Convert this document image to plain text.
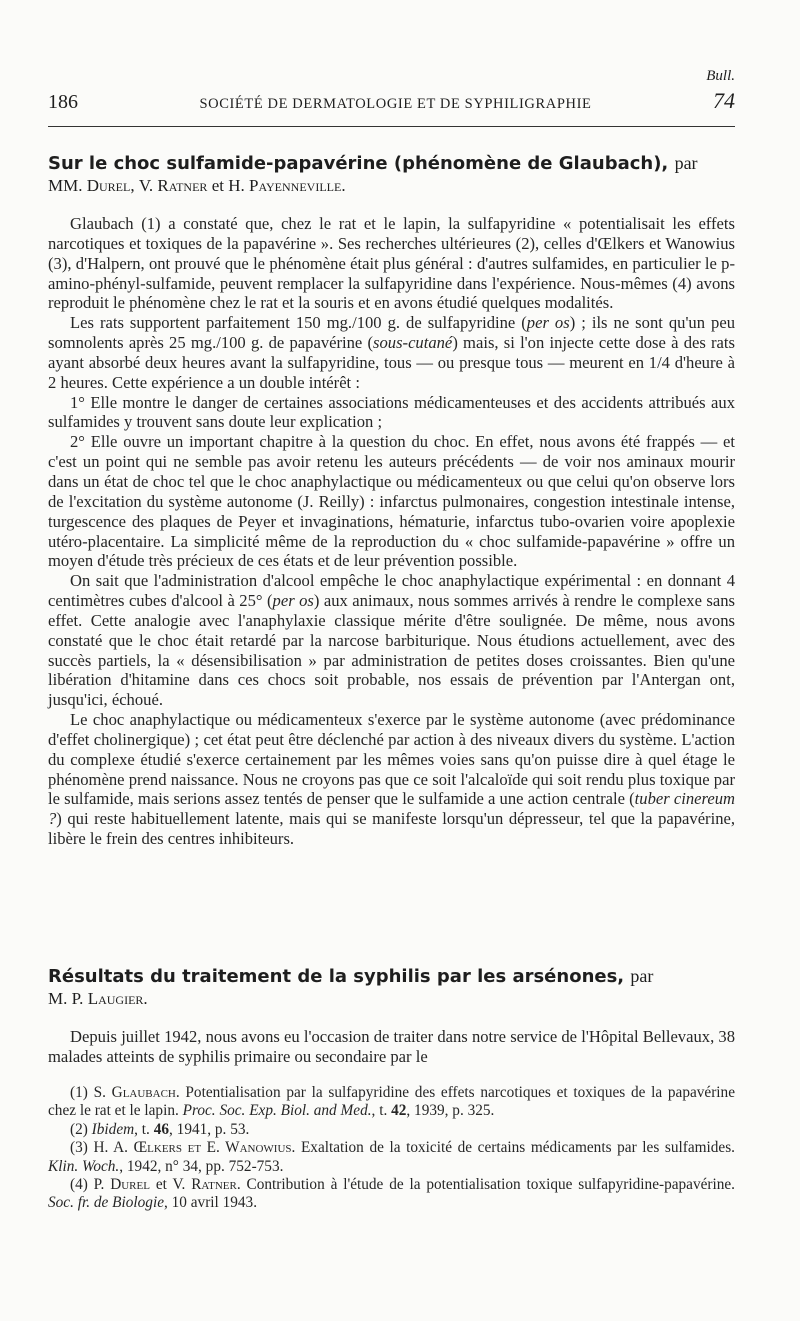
Bull.
186	SOCIÉTÉ DE DERMATOLOGIE ET DE SYPHILIGRAPHIE	74

Sur le choc sulfamide-papavérine (phénomène de Glaubach), par

MM. Durel, V. Ratner et H. Payenneville.

Glaubach (1) a constaté que, chez le rat et le lapin, la sulfapyridine « potentialisait les effets narcotiques et toxiques de la papavérine ». Ses recherches ultérieures (2), celles d'Œlkers et Wanowius (3), d'Halpern, ont prouvé que le phénomène était plus général : d'autres sulfamides, en particulier le p-amino-phényl-sulfamide, peuvent remplacer la sulfapyridine dans l'expérience. Nous-mêmes (4) avons reproduit le phénomène chez le rat et la souris et en avons étudié quelques modalités.

Les rats supportent parfaitement 150 mg./100 g. de sulfapyridine (per os) ; ils ne sont qu'un peu somnolents après 25 mg./100 g. de papavérine (sous-cutané) mais, si l'on injecte cette dose à des rats ayant absorbé deux heures avant la sulfapyridine, tous — ou presque tous — meurent en 1/4 d'heure à 2 heures. Cette expérience a un double intérêt :

1° Elle montre le danger de certaines associations médicamenteuses et des accidents attribués aux sulfamides y trouvent sans doute leur explication ;

2° Elle ouvre un important chapitre à la question du choc. En effet, nous avons été frappés — et c'est un point qui ne semble pas avoir retenu les auteurs précédents — de voir nos aminaux mourir dans un état de choc tel que le choc anaphylactique ou médicamenteux ou que celui qu'on observe lors de l'excitation du système autonome (J. Reilly) : infarctus pulmonaires, congestion intestinale intense, turgescence des plaques de Peyer et invaginations, hématurie, infarctus tubo-ovarien voire apoplexie utéro-placentaire. La simplicité même de la reproduction du « choc sulfamide-papavérine » offre un moyen d'étude très précieux de ces états et de leur prévention possible.

On sait que l'administration d'alcool empêche le choc anaphylactique expérimental : en donnant 4 centimètres cubes d'alcool à 25° (per os) aux animaux, nous sommes arrivés à rendre le complexe sans effet. Cette analogie avec l'anaphylaxie classique mérite d'être soulignée. De même, nous avons constaté que le choc était retardé par la narcose barbiturique. Nous étudions actuellement, avec des succès partiels, la « désensibilisation » par administration de petites doses croissantes. Bien qu'une libération d'hitamine dans ces chocs soit probable, nos essais de prévention par l'Antergan ont, jusqu'ici, échoué.

Le choc anaphylactique ou médicamenteux s'exerce par le système autonome (avec prédominance d'effet cholinergique) ; cet état peut être déclenché par action à des niveaux divers du système. L'action du complexe étudié s'exerce certainement par les mêmes voies sans qu'on puisse dire à quel étage le phénomène prend naissance. Nous ne croyons pas que ce soit l'alcaloïde qui soit rendu plus toxique par le sulfamide, mais serions assez tentés de penser que le sulfamide a une action centrale (tuber cinereum ?) qui reste habituellement latente, mais qui se manifeste lorsqu'un dépresseur, tel que la papavérine, libère le frein des centres inhibiteurs.

Résultats du traitement de la syphilis par les arsénones, par

M. P. Laugier.

Depuis juillet 1942, nous avons eu l'occasion de traiter dans notre service de l'Hôpital Bellevaux, 38 malades atteints de syphilis primaire ou secondaire par le

(1) S. Glaubach. Potentialisation par la sulfapyridine des effets narcotiques et toxiques de la papavérine chez le rat et le lapin. Proc. Soc. Exp. Biol. and Med., t. 42, 1939, p. 325.

(2) Ibidem, t. 46, 1941, p. 53.

(3) H. A. Œlkers et E. Wanowius. Exaltation de la toxicité de certains médicaments par les sulfamides. Klin. Woch., 1942, n° 34, pp. 752-753.

(4) P. Durel et V. Ratner. Contribution à l'étude de la potentialisation toxique sulfapyridine-papavérine. Soc. fr. de Biologie, 10 avril 1943.
